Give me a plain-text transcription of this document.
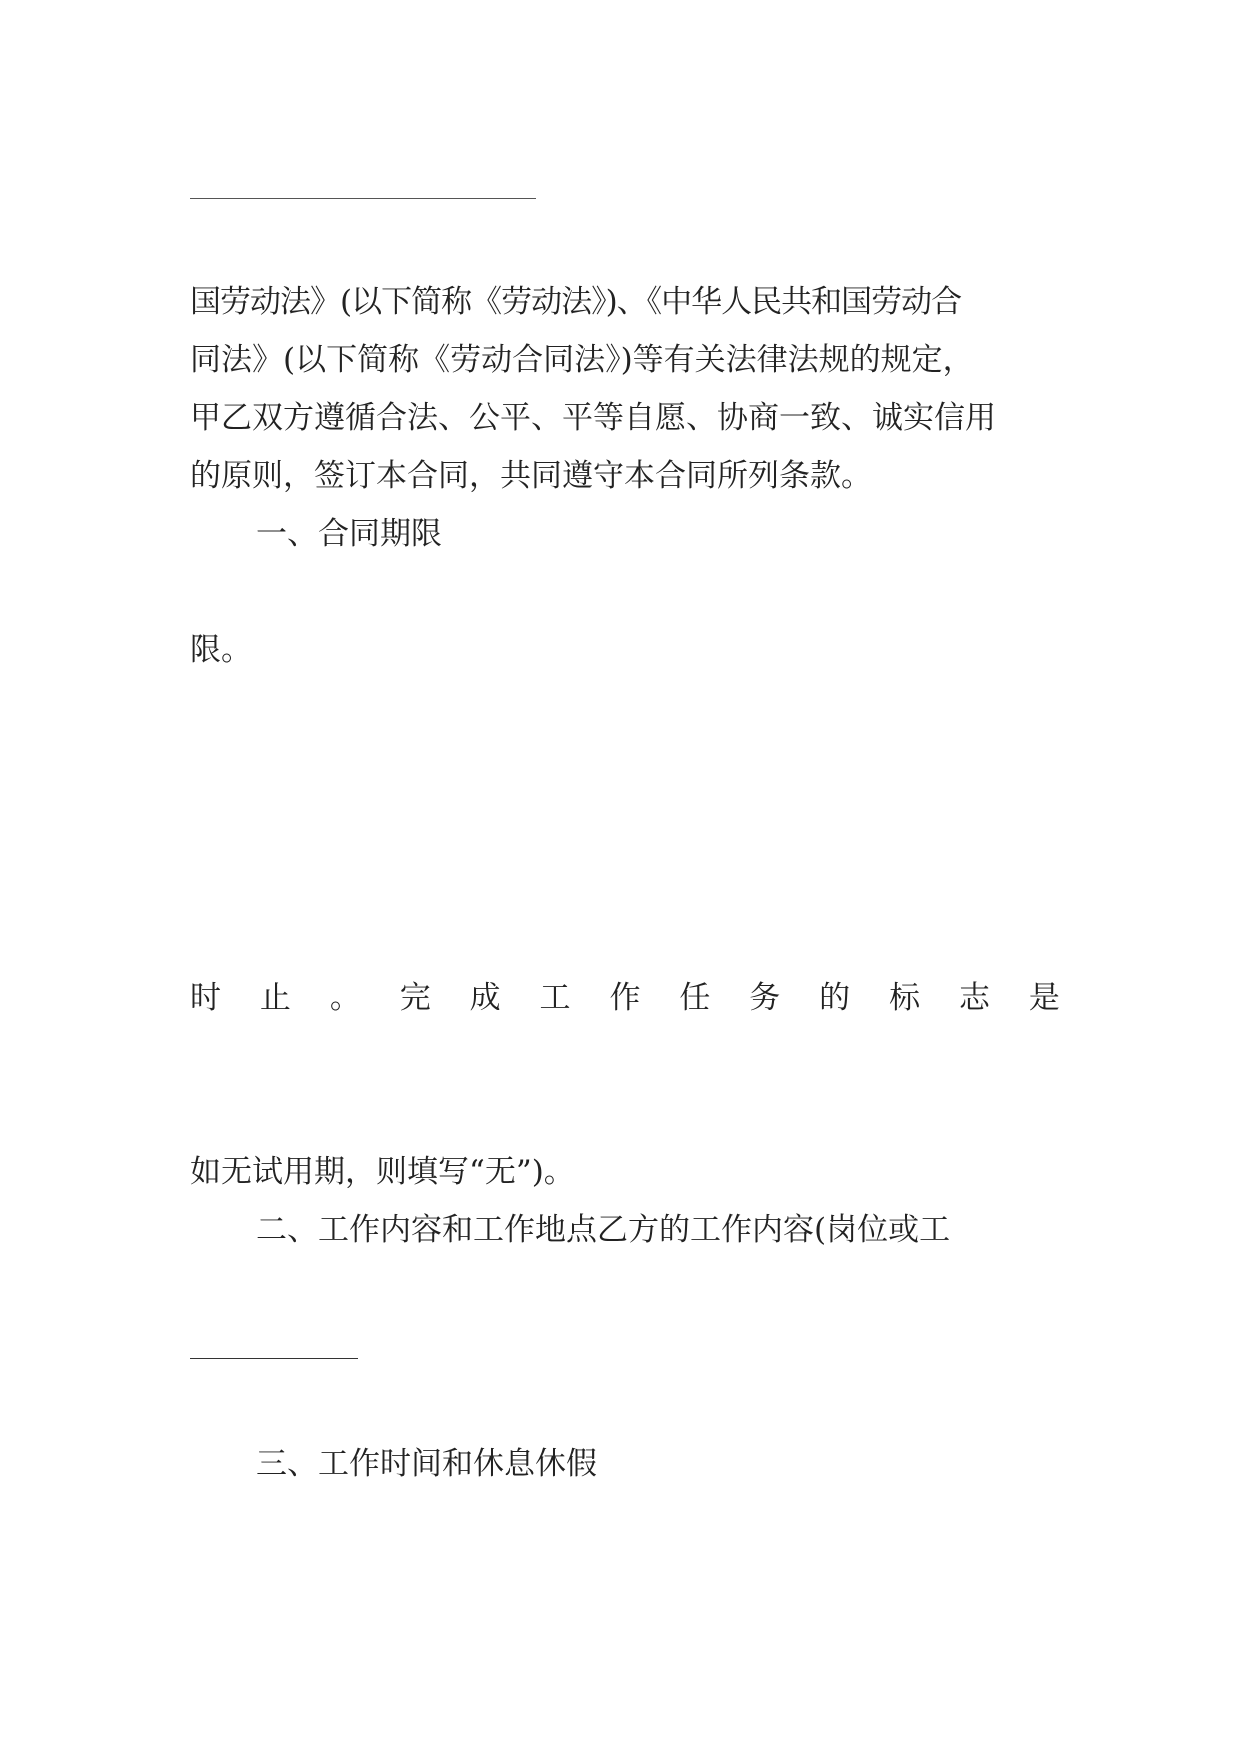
国劳动法》(以下简称《劳动法》)、《中华人民共和国劳动合
同法》(以下简称《劳动合同法》)等有关法律法规的规定，
甲乙双方遵循合法、公平、平等自愿、协商一致、诚实信用
的原则，签订本合同，共同遵守本合同所列条款。
一、合同期限

限。

时 止 。 完 成 工 作 任 务 的 标 志 是

如无试用期，则填写“无”)。
二、工作内容和工作地点乙方的工作内容(岗位或工

三、工作时间和休息休假
